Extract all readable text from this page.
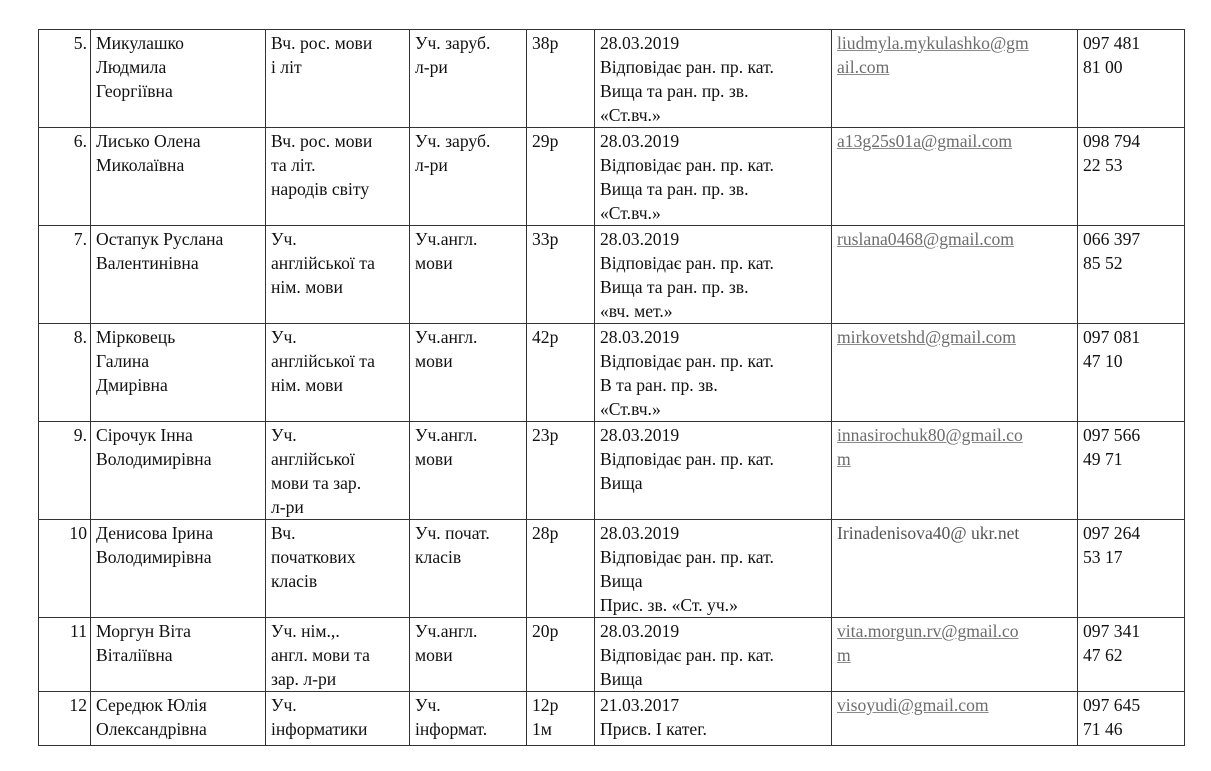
5.	Микулашко
Людмила
Георгіївна	Вч. рос. мови
і літ	Уч. заруб.
л-ри	38р	28.03.2019
Відповідає ран. пр. кат.
Вища та ран. пр. зв.
«Ст.вч.»	liudmyla.mykulashko@gm
ail.com	097 481
81 00

6.	Лисько Олена
Миколаївна	Вч. рос. мови
та літ.
народів світу	Уч. заруб.
л-ри	29р	28.03.2019
Відповідає ран. пр. кат.
Вища та ран. пр. зв.
«Ст.вч.»	a13g25s01a@gmail.com	098 794
22 53

7.	Остапук Руслана
Валентинівна	Уч.
англійської та
нім. мови	Уч.англ.
мови	33р	28.03.2019
Відповідає ран. пр. кат.
Вища та ран. пр. зв.
«вч. мет.»	ruslana0468@gmail.com	066 397
85 52

8.	Мірковець
Галина
Дмирівна	Уч.
англійської та
нім. мови	Уч.англ.
мови	42р	28.03.2019
Відповідає ран. пр. кат.
В та ран. пр. зв.
«Ст.вч.»	mirkovetshd@gmail.com	097 081
47 10

9.	Сірочук Інна
Володимирівна	Уч.
англійської
мови та зар.
л-ри	Уч.англ.
мови	23р	28.03.2019
Відповідає ран. пр. кат.
Вища	innasirochuk80@gmail.co
m	097 566
49 71

10	Денисова Ірина
Володимирівна	Вч.
початкових
класів	Уч. почат.
класів	28р	28.03.2019
Відповідає ран. пр. кат.
Вища
Прис. зв. «Ст. уч.»	Irinadenisova40@ ukr.net	097 264
53 17

11	Моргун Віта
Віталіївна	Уч. нім.,.
англ. мови та
зар. л-ри	Уч.англ.
мови	20р	28.03.2019
Відповідає ран. пр. кат.
Вища	vita.morgun.rv@gmail.co
m	097 341
47 62

12	Середюк Юлія
Олександрівна	Уч.
інформатики	Уч.
інформат.	12р
1м	21.03.2017
Присв. І катег.	visoyudi@gmail.com	097 645
71 46
